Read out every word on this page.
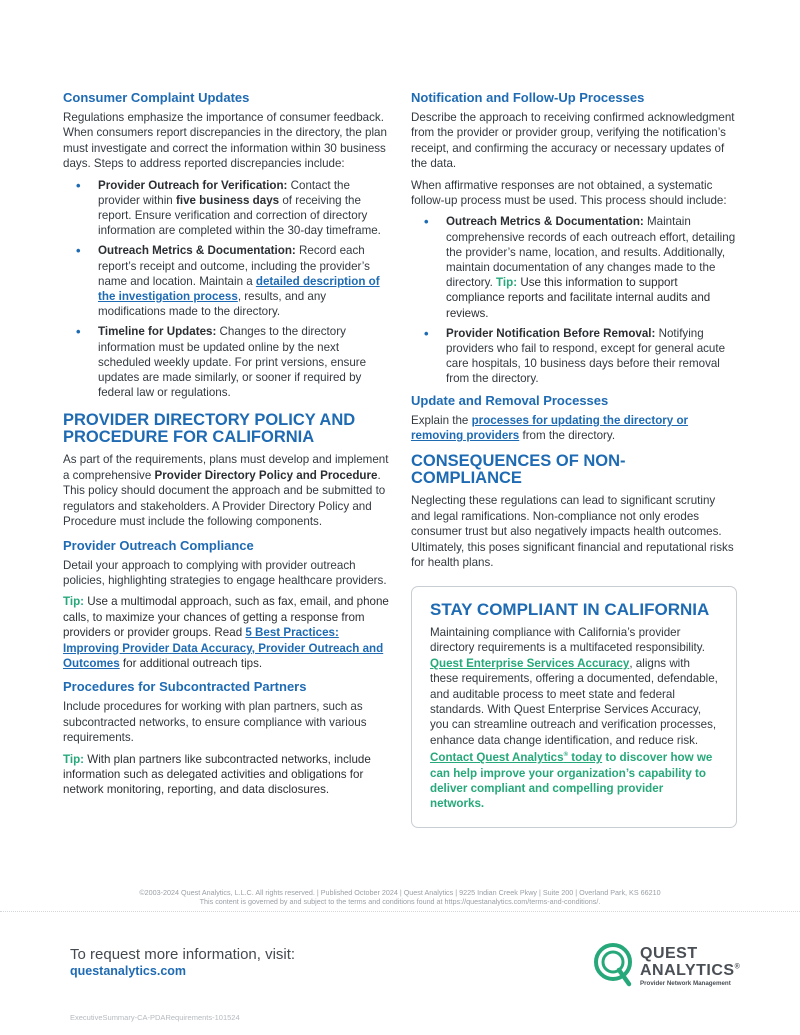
Consumer Complaint Updates

Regulations emphasize the importance of consumer feedback. When consumers report discrepancies in the directory, the plan must investigate and correct the information within 30 business days. Steps to address reported discrepancies include:

• Provider Outreach for Verification: Contact the provider within five business days of receiving the report. Ensure verification and correction of directory information are completed within the 30-day timeframe.
• Outreach Metrics & Documentation: Record each report’s receipt and outcome, including the provider’s name and location. Maintain a detailed description of the investigation process, results, and any modifications made to the directory.
• Timeline for Updates: Changes to the directory information must be updated online by the next scheduled weekly update. For print versions, ensure updates are made similarly, or sooner if required by federal law or regulations.
PROVIDER DIRECTORY POLICY AND PROCEDURE FOR CALIFORNIA

As part of the requirements, plans must develop and implement a comprehensive Provider Directory Policy and Procedure. This policy should document the approach and be submitted to regulators and stakeholders. A Provider Directory Policy and Procedure must include the following components.

Provider Outreach Compliance

Detail your approach to complying with provider outreach policies, highlighting strategies to engage healthcare providers.

Tip: Use a multimodal approach, such as fax, email, and phone calls, to maximize your chances of getting a response from providers or provider groups. Read 5 Best Practices: Improving Provider Data Accuracy, Provider Outreach and Outcomes for additional outreach tips.

Procedures for Subcontracted Partners

Include procedures for working with plan partners, such as subcontracted networks, to ensure compliance with various requirements.

Tip: With plan partners like subcontracted networks, include information such as delegated activities and obligations for network monitoring, reporting, and data disclosures.

Notification and Follow-Up Processes

Describe the approach to receiving confirmed acknowledgment from the provider or provider group, verifying the notification’s receipt, and confirming the accuracy or necessary updates of the data.

When affirmative responses are not obtained, a systematic follow-up process must be used. This process should include:

• Outreach Metrics & Documentation: Maintain comprehensive records of each outreach effort, detailing the provider’s name, location, and results. Additionally, maintain documentation of any changes made to the directory. Tip: Use this information to support compliance reports and facilitate internal audits and reviews.
• Provider Notification Before Removal: Notifying providers who fail to respond, except for general acute care hospitals, 10 business days before their removal from the directory.
Update and Removal Processes

Explain the processes for updating the directory or removing providers from the directory.

CONSEQUENCES OF NON-COMPLIANCE

Neglecting these regulations can lead to significant scrutiny and legal ramifications. Non-compliance not only erodes consumer trust but also negatively impacts health outcomes. Ultimately, this poses significant financial and reputational risks for health plans.

STAY COMPLIANT IN CALIFORNIA

Maintaining compliance with California’s provider directory requirements is a multifaceted responsibility. Quest Enterprise Services Accuracy, aligns with these requirements, offering a documented, defendable, and auditable process to meet state and federal standards. With Quest Enterprise Services Accuracy, you can streamline outreach and verification processes, enhance data change identification, and reduce risk. Contact Quest Analytics® today to discover how we can help improve your organization’s capability to deliver compliant and compelling provider networks.

©2003-2024 Quest Analytics, L.L.C. All rights reserved. | Published October 2024 | Quest Analytics | 9225 Indian Creek Pkwy | Suite 200 | Overland Park, KS 66210
This content is governed by and subject to the terms and conditions found at https://questanalytics.com/terms-and-conditions/.
To request more information, visit:
questanalytics.com
QUEST
ANALYTICS®
Provider Network Management
ExecutiveSummary-CA-PDARequirements-101524
